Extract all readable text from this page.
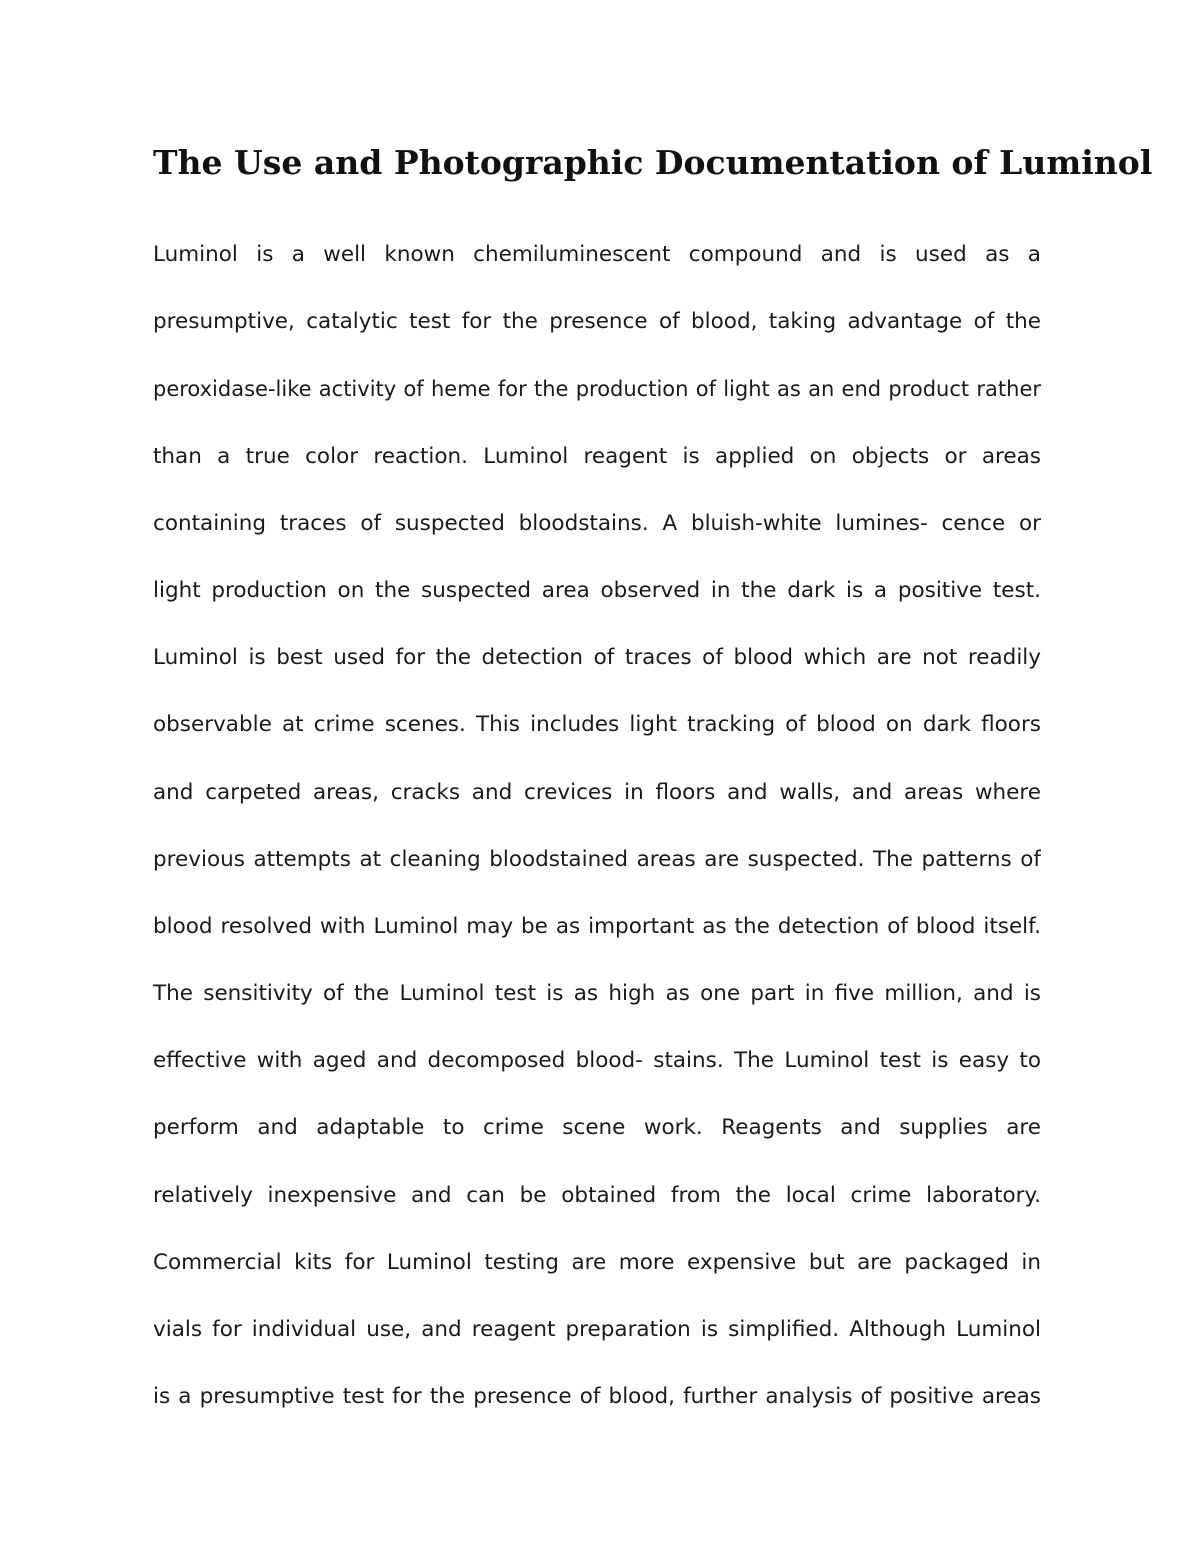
The Use and Photographic Documentation of Luminol
Luminol is a well known chemiluminescent compound and is used as a
presumptive, catalytic test for the presence of blood, taking advantage of the
peroxidase-like activity of heme for the production of light as an end product rather
than a true color reaction. Luminol reagent is applied on objects or areas
containing traces of suspected bloodstains. A bluish-white lumines- cence or
light production on the suspected area observed in the dark is a positive test.
Luminol is best used for the detection of traces of blood which are not readily
observable at crime scenes. This includes light tracking of blood on dark floors
and carpeted areas, cracks and crevices in floors and walls, and areas where
previous attempts at cleaning bloodstained areas are suspected. The patterns of
blood resolved with Luminol may be as important as the detection of blood itself.
The sensitivity of the Luminol test is as high as one part in five million, and is
effective with aged and decomposed blood- stains. The Luminol test is easy to
perform and adaptable to crime scene work. Reagents and supplies are
relatively inexpensive and can be obtained from the local crime laboratory.
Commercial kits for Luminol testing are more expensive but are packaged in
vials for individual use, and reagent preparation is simplified. Although Luminol
is a presumptive test for the presence of blood, further analysis of positive areas
